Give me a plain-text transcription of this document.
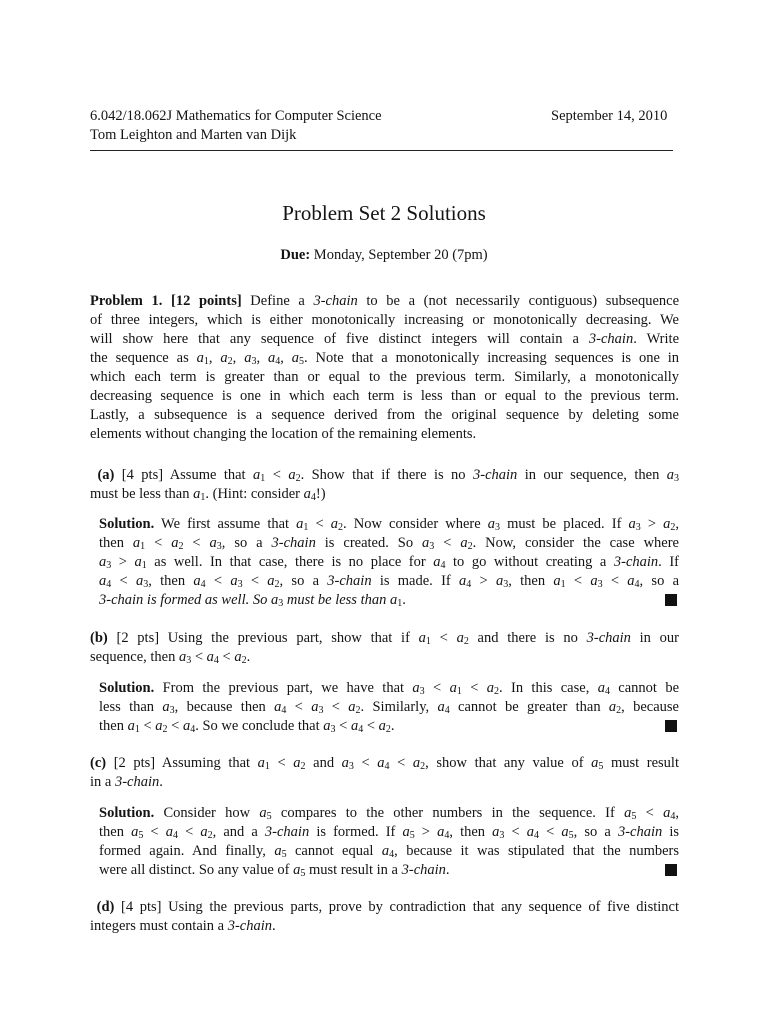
6.042/18.062J Mathematics for Computer Science	September 14, 2010
Tom Leighton and Marten van Dijk
Problem Set 2 Solutions
Due: Monday, September 20 (7pm)
Problem 1. [12 points] Define a 3-chain to be a (not necessarily contiguous) subsequence
of three integers, which is either monotonically increasing or monotonically decreasing. We
will show here that any sequence of five distinct integers will contain a 3-chain. Write
the sequence as $a_1$, $a_2$, $a_3$, $a_4$, $a_5$. Note that a monotonically increasing sequences is one in
which each term is greater than or equal to the previous term. Similarly, a monotonically
decreasing sequence is one in which each term is less than or equal to the previous term.
Lastly, a subsequence is a sequence derived from the original sequence by deleting some
elements without changing the location of the remaining elements.
(a) [4 pts] Assume that $a_1 < a_2$. Show that if there is no 3-chain in our sequence, then $a_3$
must be less than $a_1$. (Hint: consider $a_4$!)
Solution. We first assume that $a_1 < a_2$. Now consider where $a_3$ must be placed. If $a_3 > a_2$,
then $a_1 < a_2 < a_3$, so a 3-chain is created. So $a_3 < a_2$. Now, consider the case where
$a_3 > a_1$ as well. In that case, there is no place for $a_4$ to go without creating a 3-chain. If
$a_4 < a_3$, then $a_4 < a_3 < a_2$, so a 3-chain is made. If $a_4 > a_3$, then $a_1 < a_3 < a_4$, so a
3-chain is formed as well. So $a_3$ must be less than $a_1$.
(b) [2 pts] Using the previous part, show that if $a_1 < a_2$ and there is no 3-chain in our
sequence, then $a_3 < a_4 < a_2$.
Solution. From the previous part, we have that $a_3 < a_1 < a_2$. In this case, $a_4$ cannot be
less than $a_3$, because then $a_4 < a_3 < a_2$. Similarly, $a_4$ cannot be greater than $a_2$, because
then $a_1 < a_2 < a_4$. So we conclude that $a_3 < a_4 < a_2$.
(c) [2 pts] Assuming that $a_1 < a_2$ and $a_3 < a_4 < a_2$, show that any value of $a_5$ must result
in a 3-chain.
Solution. Consider how $a_5$ compares to the other numbers in the sequence. If $a_5 < a_4$,
then $a_5 < a_4 < a_2$, and a 3-chain is formed. If $a_5 > a_4$, then $a_3 < a_4 < a_5$, so a 3-chain is
formed again. And finally, $a_5$ cannot equal $a_4$, because it was stipulated that the numbers
were all distinct. So any value of $a_5$ must result in a 3-chain.
(d) [4 pts] Using the previous parts, prove by contradiction that any sequence of five distinct
integers must contain a 3-chain.
